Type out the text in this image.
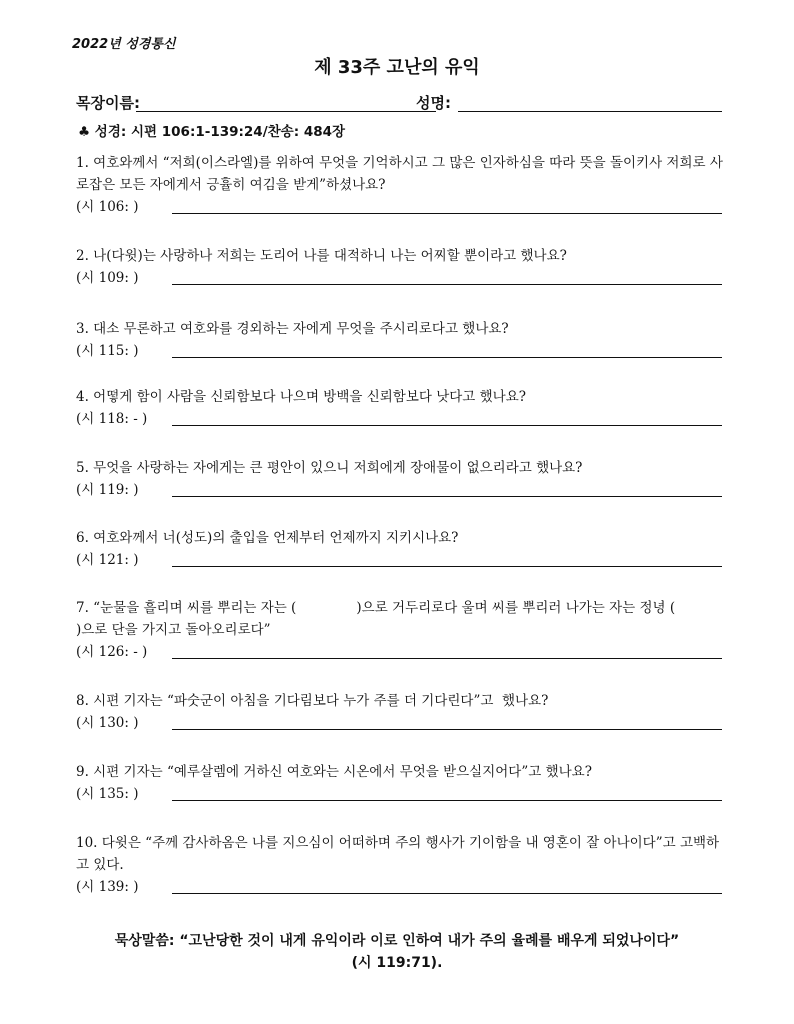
2022년 성경통신
제 33주 고난의 유익
목장이름:	성명:
♣ 성경: 시편 106:1-139:24/찬송: 484장
1. 여호와께서 “저희(이스라엘)를 위하여 무엇을 기억하시고 그 많은 인자하심을 따라 뜻을 돌이키사 저희로 사로잡은 모든 자에게서 긍휼히 여김을 받게”하셨나요?
(시 106: )
2. 나(다윗)는 사랑하나 저희는 도리어 나를 대적하니 나는 어찌할 뿐이라고 했나요?
(시 109: )
3. 대소 무론하고 여호와를 경외하는 자에게 무엇을 주시리로다고 했나요?
(시 115: )
4. 어떻게 함이 사람을 신뢰함보다 나으며 방백을 신뢰함보다 낫다고 했나요?
(시 118: - )
5. 무엇을 사랑하는 자에게는 큰 평안이 있으니 저희에게 장애물이 없으리라고 했나요?
(시 119: )
6. 여호와께서 너(성도)의 출입을 언제부터 언제까지 지키시나요?
(시 121: )
7. “눈물을 흘리며 씨를 뿌리는 자는 (              )으로 거두리로다 울며 씨를 뿌리러 나가는 자는 정녕 (              )으로 단을 가지고 돌아오리로다”
(시 126: - )
8. 시편 기자는 “파숫군이 아침을 기다림보다 누가 주를 더 기다린다”고  했나요?
(시 130: )
9. 시편 기자는 “예루살렘에 거하신 여호와는 시온에서 무엇을 받으실지어다”고 했나요?
(시 135: )
10. 다윗은 “주께 감사하옴은 나를 지으심이 어떠하며 주의 행사가 기이함을 내 영혼이 잘 아나이다”고 고백하고 있다.
(시 139: )
묵상말씀: “고난당한 것이 내게 유익이라 이로 인하여 내가 주의 율례를 배우게 되었나이다”
(시 119:71).
